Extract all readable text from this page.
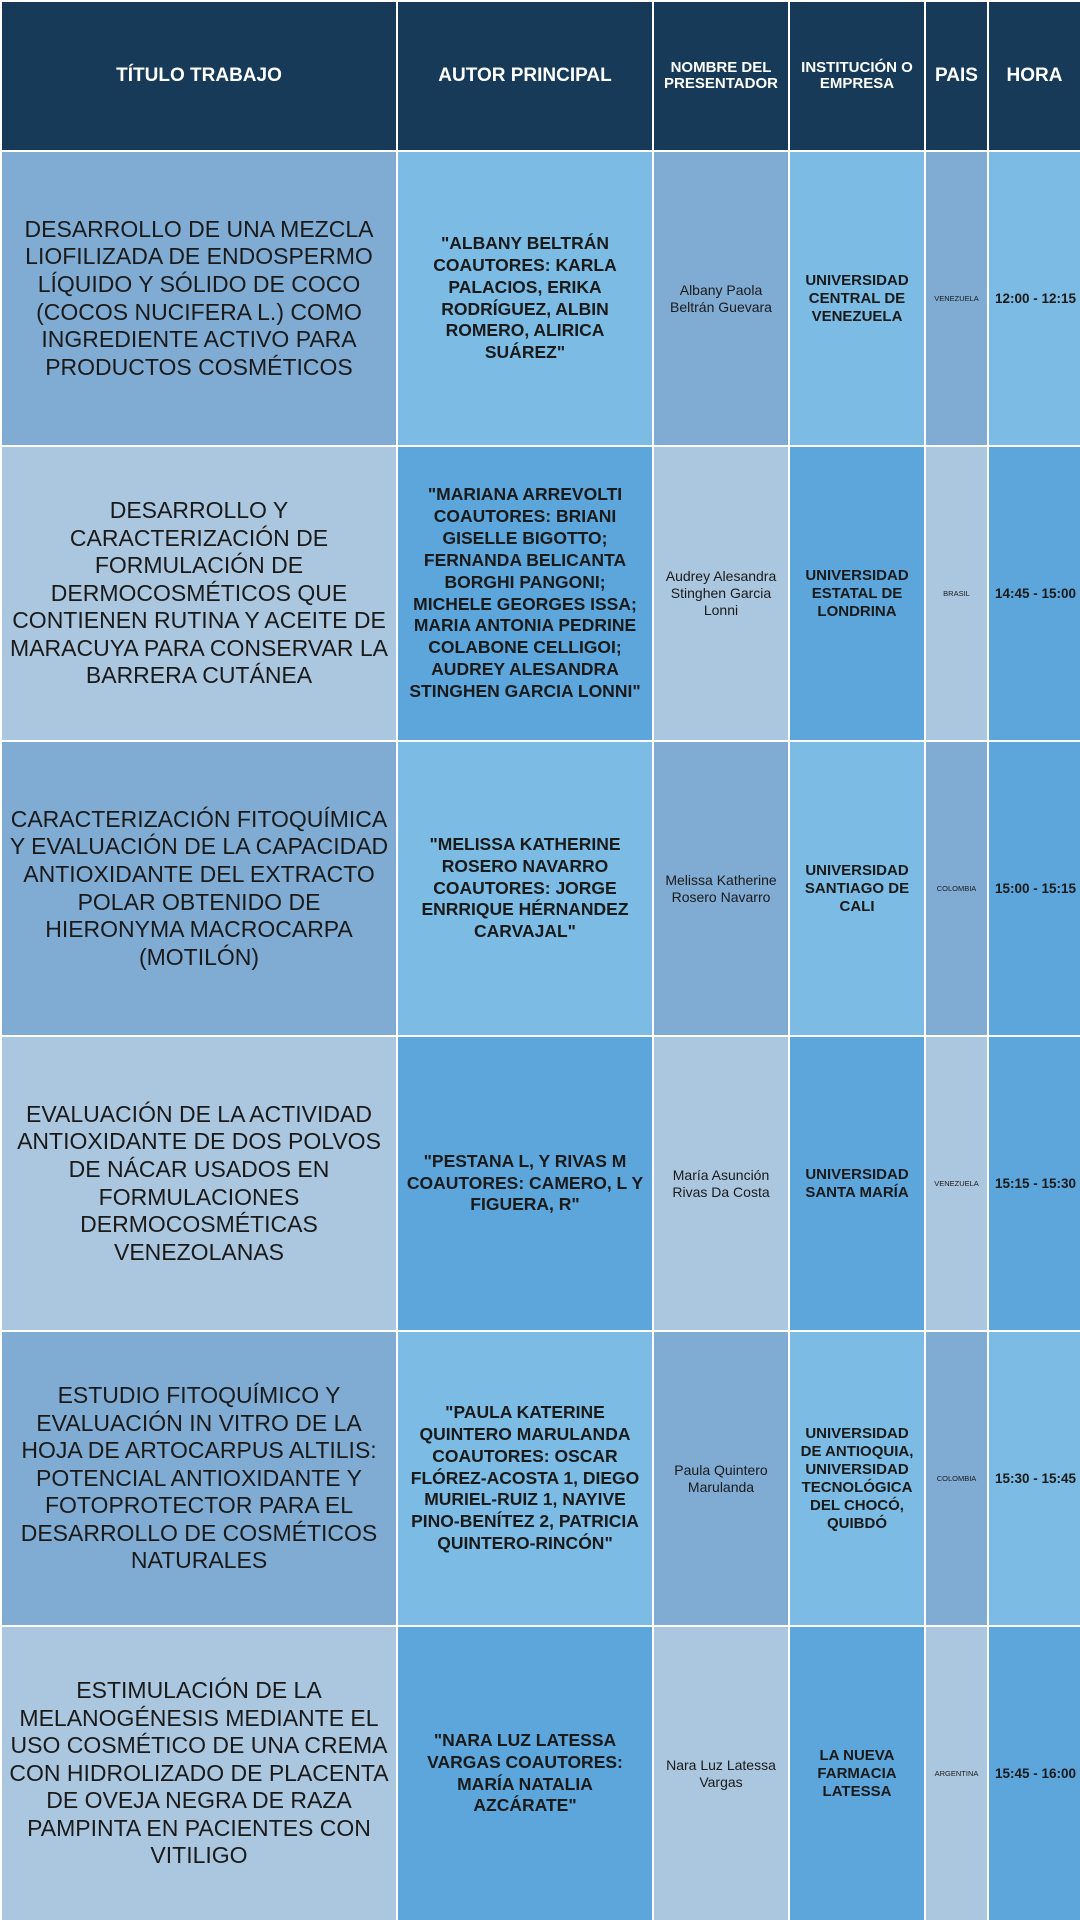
TÍTULO TRABAJO	AUTOR PRINCIPAL	NOMBRE DEL PRESENTADOR	INSTITUCIÓN O EMPRESA	PAIS	HORA
DESARROLLO DE UNA MEZCLA LIOFILIZADA DE ENDOSPERMO LÍQUIDO Y SÓLIDO DE COCO (COCOS NUCIFERA L.) COMO INGREDIENTE ACTIVO PARA PRODUCTOS COSMÉTICOS	"ALBANY BELTRÁN COAUTORES: KARLA PALACIOS, ERIKA RODRÍGUEZ, ALBIN ROMERO, ALIRICA SUÁREZ"	Albany Paola Beltrán Guevara	UNIVERSIDAD CENTRAL DE VENEZUELA	VENEZUELA	12:00 - 12:15
DESARROLLO Y CARACTERIZACIÓN DE FORMULACIÓN DE DERMOCOSMÉTICOS QUE CONTIENEN RUTINA Y ACEITE DE MARACUYA PARA CONSERVAR LA BARRERA CUTÁNEA	"MARIANA ARREVOLTI COAUTORES: BRIANI GISELLE BIGOTTO; FERNANDA BELICANTA BORGHI PANGONI; MICHELE GEORGES ISSA; MARIA ANTONIA PEDRINE COLABONE CELLIGOI; AUDREY ALESANDRA STINGHEN GARCIA LONNI"	Audrey Alesandra Stinghen Garcia Lonni	UNIVERSIDAD ESTATAL DE LONDRINA	BRASIL	14:45 - 15:00
CARACTERIZACIÓN FITOQUÍMICA Y EVALUACIÓN DE LA CAPACIDAD ANTIOXIDANTE DEL EXTRACTO POLAR OBTENIDO DE HIERONYMA MACROCARPA (MOTILÓN)	"MELISSA KATHERINE ROSERO NAVARRO COAUTORES: JORGE ENRRIQUE HÉRNANDEZ CARVAJAL"	Melissa Katherine Rosero Navarro	UNIVERSIDAD SANTIAGO DE CALI	COLOMBIA	15:00 - 15:15
EVALUACIÓN DE LA ACTIVIDAD ANTIOXIDANTE DE DOS POLVOS DE NÁCAR USADOS EN FORMULACIONES DERMOCOSMÉTICAS VENEZOLANAS	"PESTANA L, Y RIVAS M COAUTORES: CAMERO, L Y FIGUERA, R"	María Asunción Rivas Da Costa	UNIVERSIDAD SANTA MARÍA	VENEZUELA	15:15 - 15:30
ESTUDIO FITOQUÍMICO Y EVALUACIÓN IN VITRO DE LA HOJA DE ARTOCARPUS ALTILIS: POTENCIAL ANTIOXIDANTE Y FOTOPROTECTOR PARA EL DESARROLLO DE COSMÉTICOS NATURALES	"PAULA KATERINE QUINTERO MARULANDA COAUTORES: OSCAR FLÓREZ-ACOSTA 1, DIEGO MURIEL-RUIZ 1, NAYIVE PINO-BENÍTEZ 2, PATRICIA QUINTERO-RINCÓN"	Paula Quintero Marulanda	UNIVERSIDAD DE ANTIOQUIA, UNIVERSIDAD TECNOLÓGICA DEL CHOCÓ, QUIBDÓ	COLOMBIA	15:30 - 15:45
ESTIMULACIÓN DE LA MELANOGÉNESIS MEDIANTE EL USO COSMÉTICO DE UNA CREMA CON HIDROLIZADO DE PLACENTA DE OVEJA NEGRA DE RAZA PAMPINTA EN PACIENTES CON VITILIGO	"NARA LUZ LATESSA VARGAS COAUTORES: MARÍA NATALIA AZCÁRATE"	Nara Luz Latessa Vargas	LA NUEVA FARMACIA LATESSA	ARGENTINA	15:45 - 16:00
